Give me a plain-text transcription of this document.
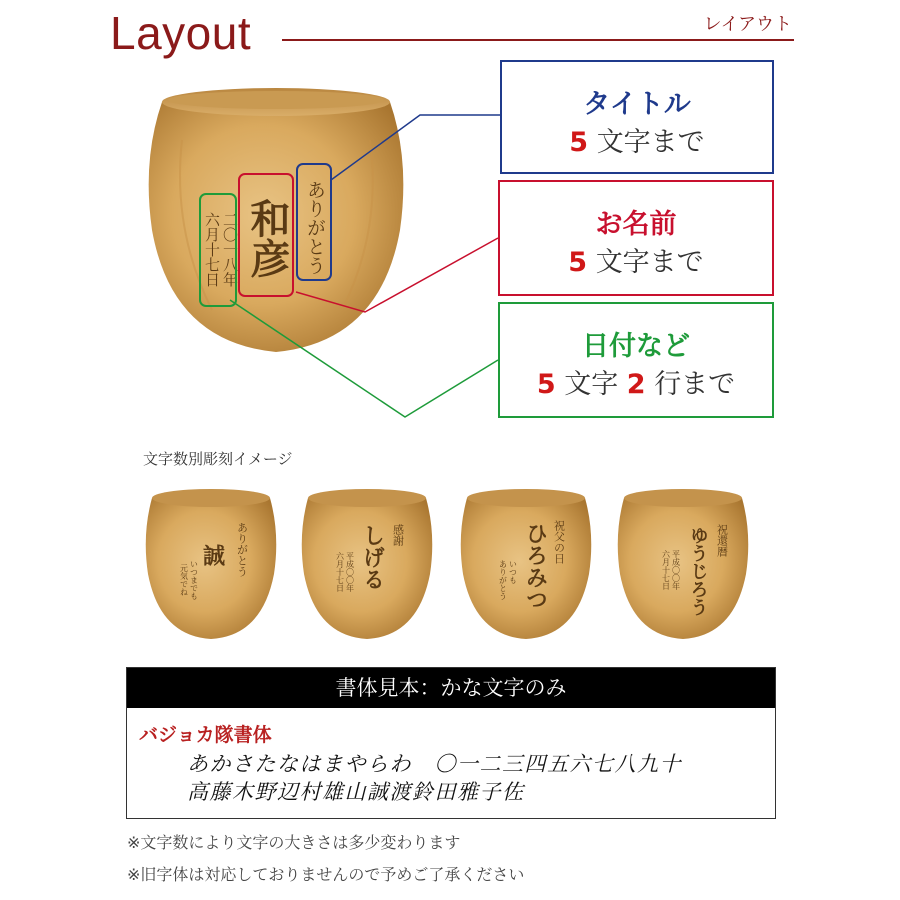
Layout	レイアウト
ありがとう
和彦
二〇一八年
六月十七日
タイトル
5 文字まで
お名前
5 文字まで
日付など
5 文字 2 行まで
文字数別彫刻イメージ
ありがとう
誠
いつまでも
元気でね
感謝
しげる
平成〇〇年
六月十七日
祝父の日
ひろみつ
いつも
ありがとう
祝還暦
ゆうじろう
平成〇〇年
六月十七日
書体見本：かな文字のみ
バジョカ隊書体
あかさたなはまやらわ　〇一二三四五六七八九十
高藤木野辺村雄山誠渡鈴田雅子佐
※文字数により文字の大きさは多少変わります
※旧字体は対応しておりませんので予めご了承ください
